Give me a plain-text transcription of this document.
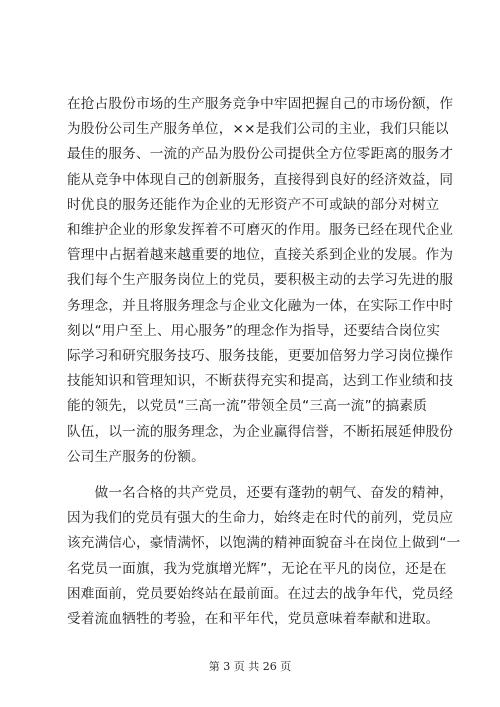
在抢占股份市场的生产服务竞争中牢固把握自己的市场份额，作
为股份公司生产服务单位，××是我们公司的主业，我们只能以
最佳的服务、一流的产品为股份公司提供全方位零距离的服务才
能从竞争中体现自己的创新服务，直接得到良好的经济效益，同
时优良的服务还能作为企业的无形资产不可或缺的部分对树立
和维护企业的形象发挥着不可磨灭的作用。服务已经在现代企业
管理中占据着越来越重要的地位，直接关系到企业的发展。作为
我们每个生产服务岗位上的党员，要积极主动的去学习先进的服
务理念，并且将服务理念与企业文化融为一体，在实际工作中时
刻以“用户至上、用心服务”的理念作为指导，还要结合岗位实
际学习和研究服务技巧、服务技能，更要加倍努力学习岗位操作
技能知识和管理知识，不断获得充实和提高，达到工作业绩和技
能的领先，以党员“三高一流”带领全员“三高一流”的搞素质
队伍，以一流的服务理念，为企业赢得信誉，不断拓展延伸股份
公司生产服务的份额。

　　做一名合格的共产党员，还要有蓬勃的朝气、奋发的精神，
因为我们的党员有强大的生命力，始终走在时代的前列，党员应
该充满信心，豪情满怀，以饱满的精神面貌奋斗在岗位上做到“一
名党员一面旗，我为党旗增光辉”，无论在平凡的岗位，还是在
困难面前，党员要始终站在最前面。在过去的战争年代，党员经
受着流血牺牲的考验，在和平年代，党员意味着奉献和进取。

第 3 页 共 26 页
